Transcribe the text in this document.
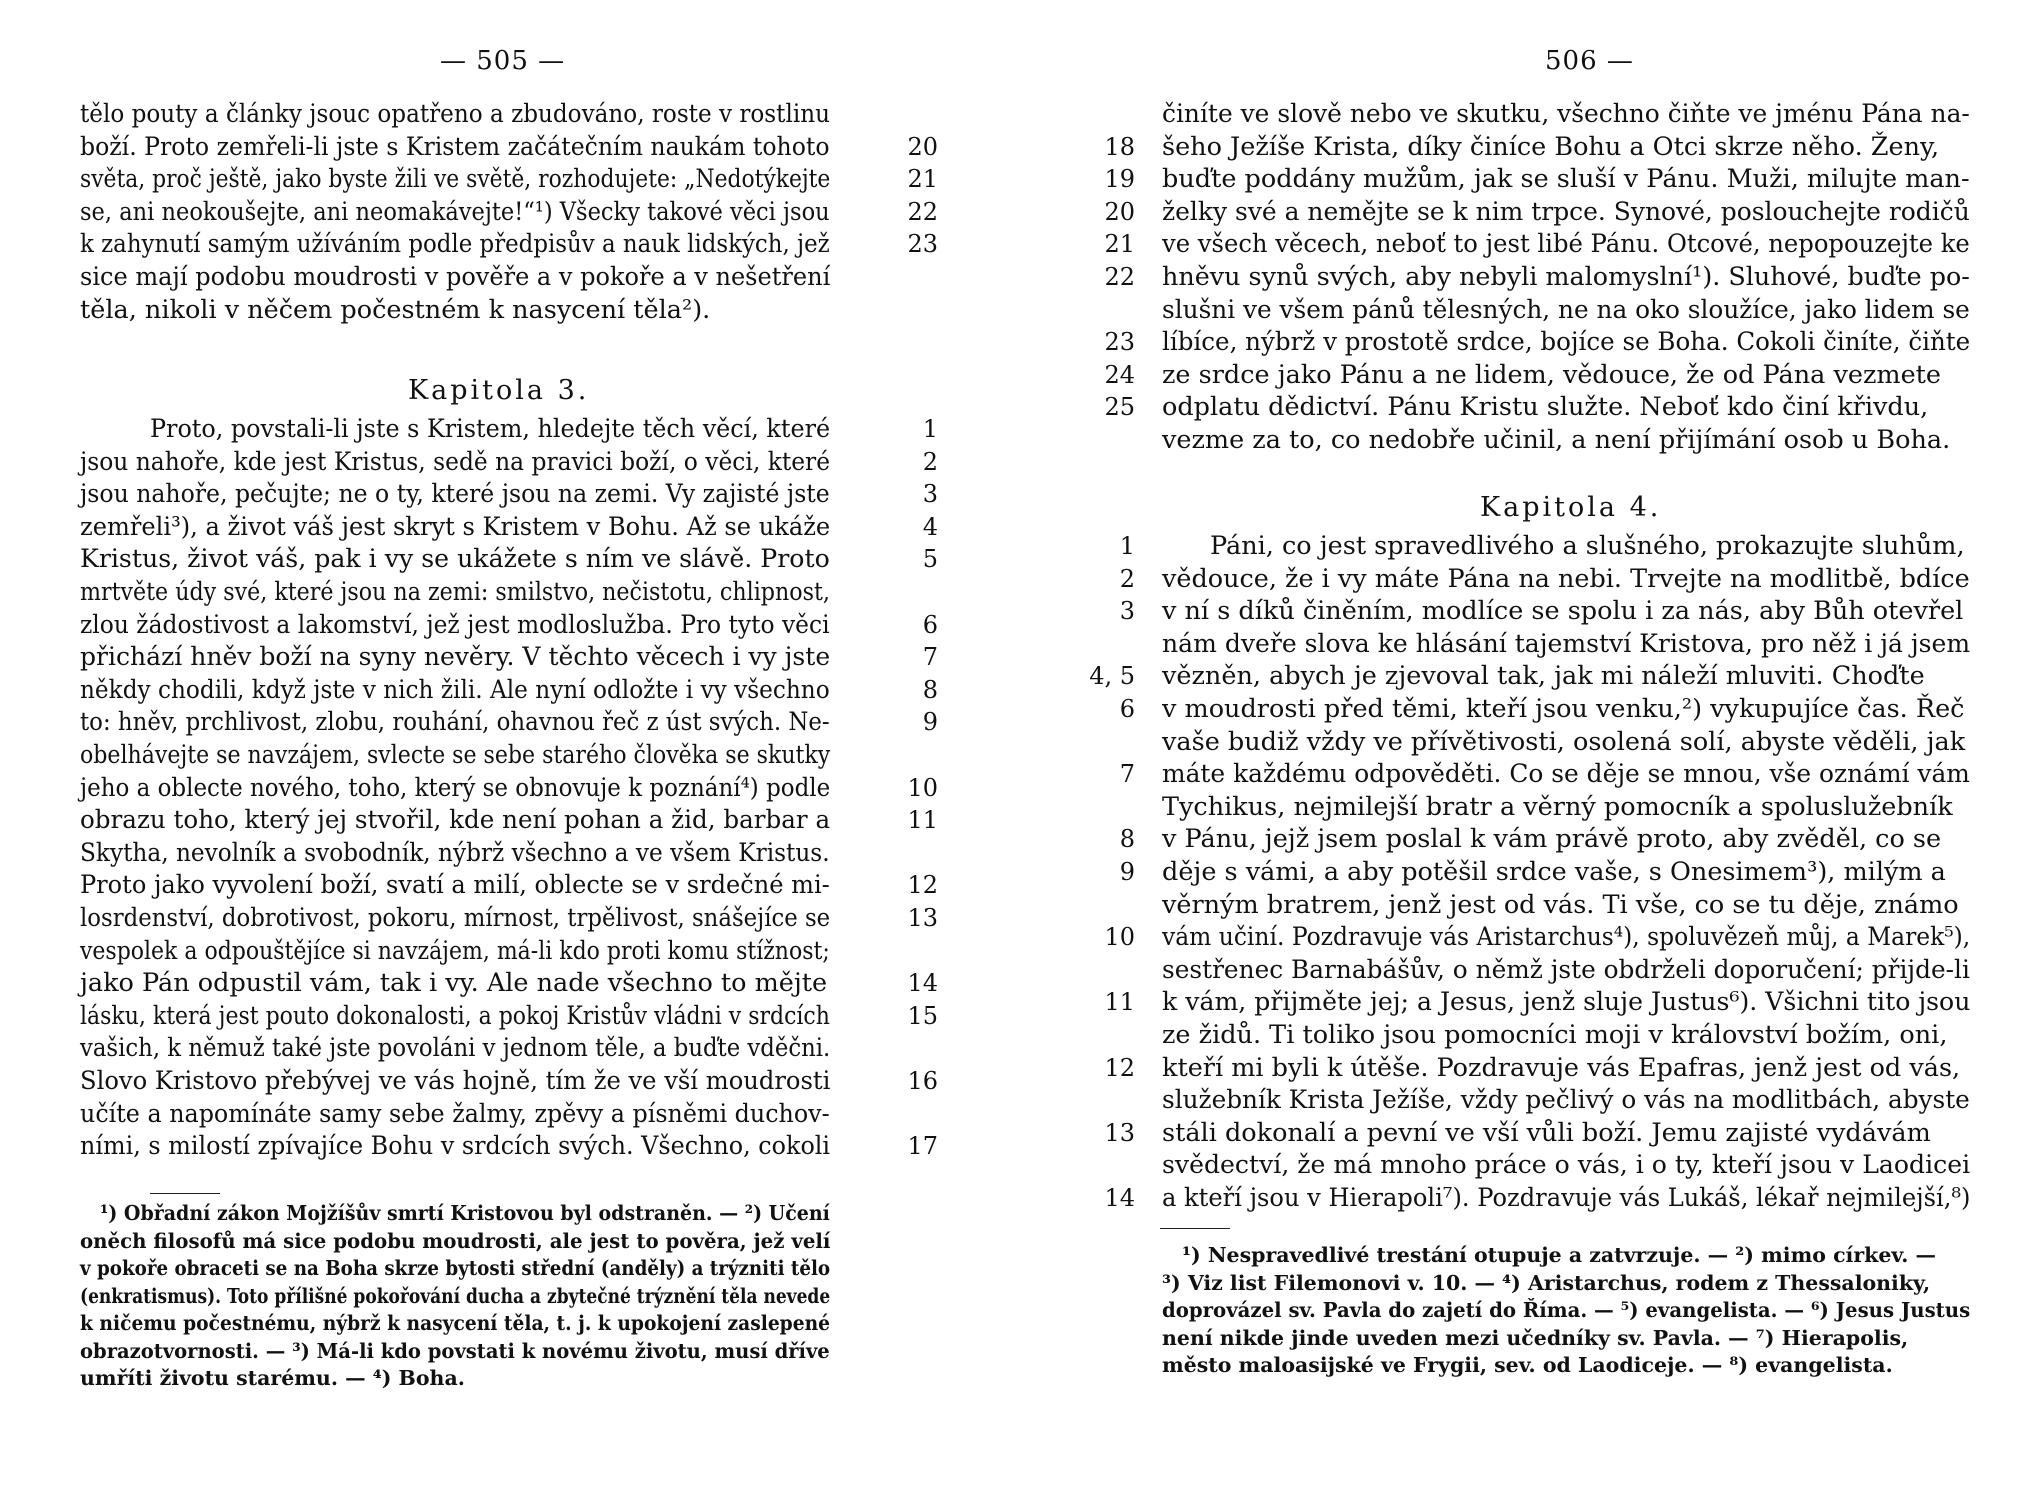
— 505 —
tělo pouty a články jsouc opatřeno a zbudováno, roste v rostlinu
boží. Proto zemřeli-li jste s Kristem začátečním naukám tohoto	20
světa, proč ještě, jako byste žili ve světě, rozhodujete: „Nedotýkejte	21
se, ani neokoušejte, ani neomakávejte!“¹) Všecky takové věci jsou	22
k zahynutí samým užíváním podle předpisův a nauk lidských, jež	23
sice mají podobu moudrosti v pověře a v pokoře a v nešetření
těla, nikoli v něčem počestném k nasycení těla²).
Kapitola 3.
Proto, povstali-li jste s Kristem, hledejte těch věcí, které	1
jsou nahoře, kde jest Kristus, sedě na pravici boží, o věci, které	2
jsou nahoře, pečujte; ne o ty, které jsou na zemi. Vy zajisté jste	3
zemřeli³), a život váš jest skryt s Kristem v Bohu. Až se ukáže	4
Kristus, život váš, pak i vy se ukážete s ním ve slávě. Proto	5
mrtvěte údy své, které jsou na zemi: smilstvo, nečistotu, chlipnost,
zlou žádostivost a lakomství, jež jest modloslužba. Pro tyto věci	6
přichází hněv boží na syny nevěry. V těchto věcech i vy jste	7
někdy chodili, když jste v nich žili. Ale nyní odložte i vy všechno	8
to: hněv, prchlivost, zlobu, rouhání, ohavnou řeč z úst svých. Ne-	9
obelhávejte se navzájem, svlecte se sebe starého člověka se skutky
jeho a oblecte nového, toho, který se obnovuje k poznání⁴) podle	10
obrazu toho, který jej stvořil, kde není pohan a žid, barbar a	11
Skytha, nevolník a svobodník, nýbrž všechno a ve všem Kristus.
Proto jako vyvolení boží, svatí a milí, oblecte se v srdečné mi-	12
losrdenství, dobrotivost, pokoru, mírnost, trpělivost, snášejíce se	13
vespolek a odpouštějíce si navzájem, má-li kdo proti komu stížnost;
jako Pán odpustil vám, tak i vy. Ale nade všechno to mějte	14
lásku, která jest pouto dokonalosti, a pokoj Kristův vládni v srdcích	15
vašich, k němuž také jste povoláni v jednom těle, a buďte vděčni.
Slovo Kristovo přebývej ve vás hojně, tím že ve vší moudrosti	16
učíte a napomínáte samy sebe žalmy, zpěvy a písněmi duchov-
ními, s milostí zpívajíce Bohu v srdcích svých. Všechno, cokoli	17
¹) Obřadní zákon Mojžíšův smrtí Kristovou byl odstraněn. — ²) Učení
oněch filosofů má sice podobu moudrosti, ale jest to pověra, jež velí
v pokoře obraceti se na Boha skrze bytosti střední (anděly) a trýzniti tělo
(enkratismus). Toto přílišné pokořování ducha a zbytečné trýznění těla nevede
k ničemu počestnému, nýbrž k nasycení těla, t. j. k upokojení zaslepené
obrazotvornosti. — ³) Má-li kdo povstati k novému životu, musí dříve
umříti životu starému. — ⁴) Boha.
506 —
činíte ve slově nebo ve skutku, všechno čiňte ve jménu Pána na-
šeho Ježíše Krista, díky činíce Bohu a Otci skrze něho. Ženy,
18
buďte poddány mužům, jak se sluší v Pánu. Muži, milujte man-
19
želky své a nemějte se k nim trpce. Synové, poslouchejte rodičů
20
ve všech věcech, neboť to jest libé Pánu. Otcové, nepopouzejte ke
21
hněvu synů svých, aby nebyli malomyslní¹). Sluhové, buďte po-
22
slušni ve všem pánů tělesných, ne na oko sloužíce, jako lidem se
líbíce, nýbrž v prostotě srdce, bojíce se Boha. Cokoli činíte, čiňte
23
ze srdce jako Pánu a ne lidem, vědouce, že od Pána vezmete
24
odplatu dědictví. Pánu Kristu služte. Neboť kdo činí křivdu,
25
vezme za to, co nedobře učinil, a není přijímání osob u Boha.
Kapitola 4.
Páni, co jest spravedlivého a slušného, prokazujte sluhům,
1
vědouce, že i vy máte Pána na nebi. Trvejte na modlitbě, bdíce
2
v ní s díků činěním, modlíce se spolu i za nás, aby Bůh otevřel
3
nám dveře slova ke hlásání tajemství Kristova, pro něž i já jsem
vězněn, abych je zjevoval tak, jak mi náleží mluviti. Choďte
4, 5
v moudrosti před těmi, kteří jsou venku,²) vykupujíce čas. Řeč
6
vaše budiž vždy ve přívětivosti, osolená solí, abyste věděli, jak
máte každému odpověděti. Co se děje se mnou, vše oznámí vám
7
Tychikus, nejmilejší bratr a věrný pomocník a spoluslužebník
v Pánu, jejž jsem poslal k vám právě proto, aby zvěděl, co se
8
děje s vámi, a aby potěšil srdce vaše, s Onesimem³), milým a
9
věrným bratrem, jenž jest od vás. Ti vše, co se tu děje, známo
vám učiní. Pozdravuje vás Aristarchus⁴), spoluvězeň můj, a Marek⁵),
10
sestřenec Barnabášův, o němž jste obdrželi doporučení; přijde-li
k vám, přijměte jej; a Jesus, jenž sluje Justus⁶). Všichni tito jsou
11
ze židů. Ti toliko jsou pomocníci moji v království božím, oni,
kteří mi byli k útěše. Pozdravuje vás Epafras, jenž jest od vás,
12
služebník Krista Ježíše, vždy pečlivý o vás na modlitbách, abyste
stáli dokonalí a pevní ve vší vůli boží. Jemu zajisté vydávám
13
svědectví, že má mnoho práce o vás, i o ty, kteří jsou v Laodicei
a kteří jsou v Hierapoli⁷). Pozdravuje vás Lukáš, lékař nejmilejší,⁸)
14
¹) Nespravedlivé trestání otupuje a zatvrzuje. — ²) mimo církev. —
³) Viz list Filemonovi v. 10. — ⁴) Aristarchus, rodem z Thessaloniky,
doprovázel sv. Pavla do zajetí do Říma. — ⁵) evangelista. — ⁶) Jesus Justus
není nikde jinde uveden mezi učedníky sv. Pavla. — ⁷) Hierapolis,
město maloasijské ve Frygii, sev. od Laodiceje. — ⁸) evangelista.
